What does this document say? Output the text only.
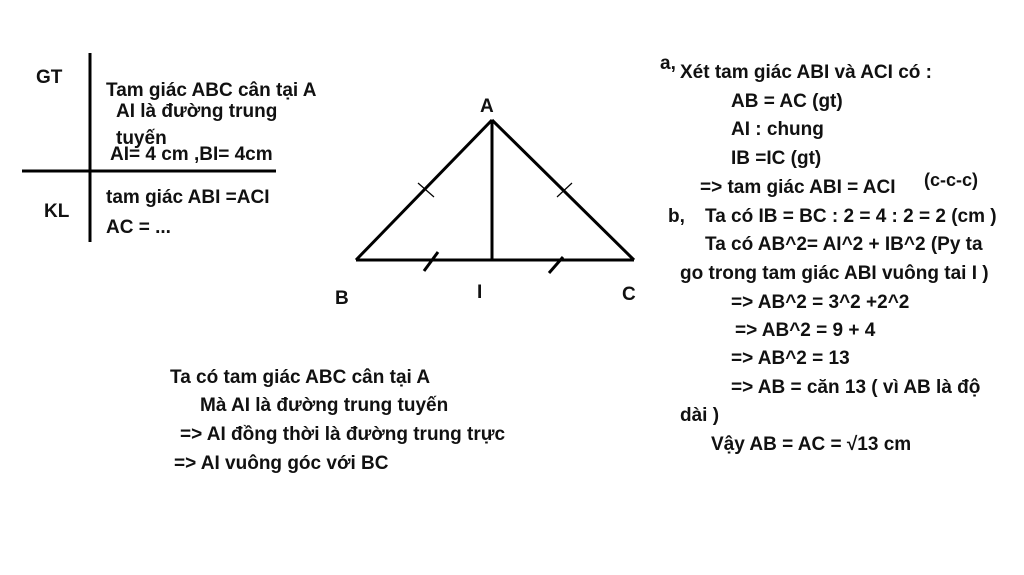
GT
KL
Tam giác ABC cân tại A
AI là đường trung
tuyến
AI= 4 cm ,BI= 4cm
tam giác ABI =ACI
AC = ...
A
B	C
I
Ta có tam giác ABC cân tại A
Mà AI là đường trung tuyến
=> AI đồng thời là đường trung trực
=> AI vuông góc với BC
a, Xét tam giác ABI và ACI có :
AB = AC (gt)
AI : chung
IB =IC (gt)
=> tam giác ABI = ACI (c-c-c)
b, Ta có IB = BC : 2 = 4 : 2 = 2 (cm )
Ta có AB^2= AI^2 + IB^2 (Py ta
go trong tam giác ABI vuông tai I )
=> AB^2 = 3^2 +2^2
=> AB^2 = 9 + 4
=> AB^2 = 13
=> AB = căn 13 ( vì AB là độ
dài )
Vậy AB = AC = √13 cm
